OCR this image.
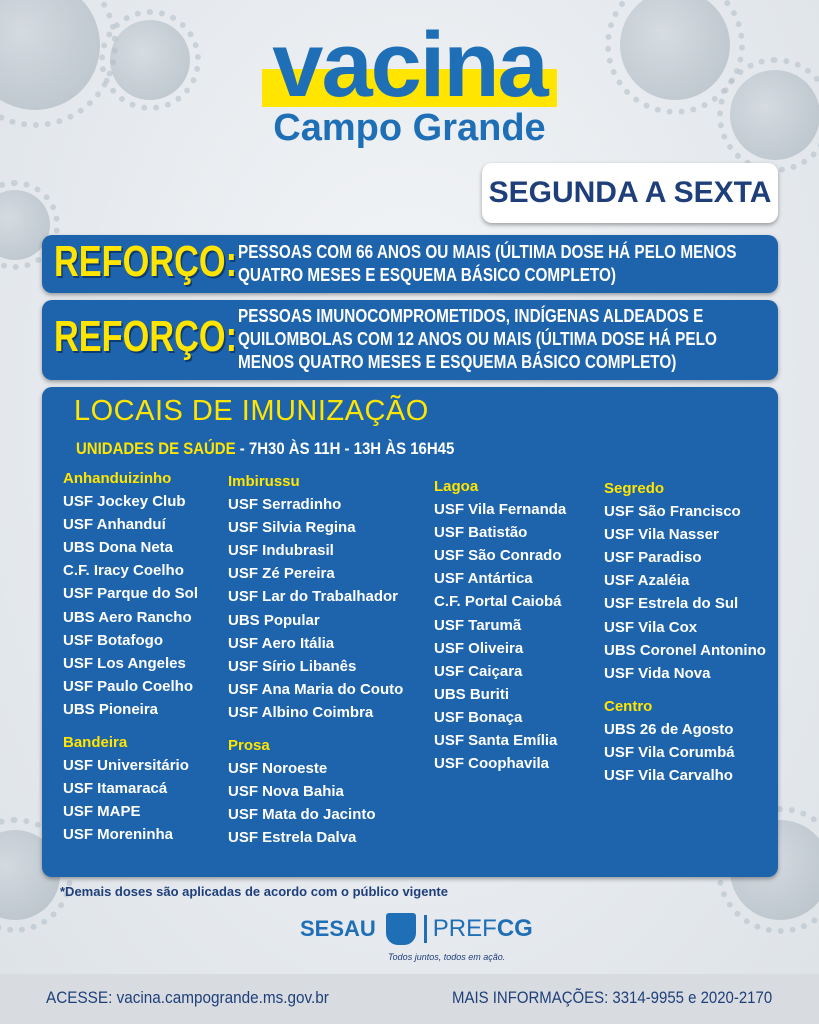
vacina
Campo Grande
SEGUNDA A SEXTA
REFORÇO: PESSOAS COM 66 ANOS OU MAIS (ÚLTIMA DOSE HÁ PELO MENOS
QUATRO MESES E ESQUEMA BÁSICO COMPLETO)
REFORÇO: PESSOAS IMUNOCOMPROMETIDOS, INDÍGENAS ALDEADOS E
QUILOMBOLAS COM 12 ANOS OU MAIS (ÚLTIMA DOSE HÁ PELO
MENOS QUATRO MESES E ESQUEMA BÁSICO COMPLETO)
LOCAIS DE IMUNIZAÇÃO
UNIDADES DE SAÚDE - 7H30 ÀS 11H - 13H ÀS 16H45
Anhanduizinho
USF Jockey Club
USF Anhanduí
UBS Dona Neta
C.F. Iracy Coelho
USF Parque do Sol
UBS Aero Rancho
USF Botafogo
USF Los Angeles
USF Paulo Coelho
UBS Pioneira
Bandeira
USF Universitário
USF Itamaracá
USF MAPE
USF Moreninha
Imbirussu
USF Serradinho
USF Silvia Regina
USF Indubrasil
USF Zé Pereira
USF Lar do Trabalhador
UBS Popular
USF Aero Itália
USF Sírio Libanês
USF Ana Maria do Couto
USF Albino Coimbra
Prosa
USF Noroeste
USF Nova Bahia
USF Mata do Jacinto
USF Estrela Dalva
Lagoa
USF Vila Fernanda
USF Batistão
USF São Conrado
USF Antártica
C.F. Portal Caiobá
USF Tarumã
USF Oliveira
USF Caiçara
UBS Buriti
USF Bonaça
USF Santa Emília
USF Coophavila
Segredo
USF São Francisco
USF Vila Nasser
USF Paradiso
USF Azaléia
USF Estrela do Sul
USF Vila Cox
UBS Coronel Antonino
USF Vida Nova
Centro
UBS 26 de Agosto
USF Vila Corumbá
USF Vila Carvalho
*Demais doses são aplicadas de acordo com o público vigente
SESAU	PREFCG
Todos juntos, todos em ação.
ACESSE: vacina.campogrande.ms.gov.br	MAIS INFORMAÇÕES: 3314-9955 e 2020-2170
